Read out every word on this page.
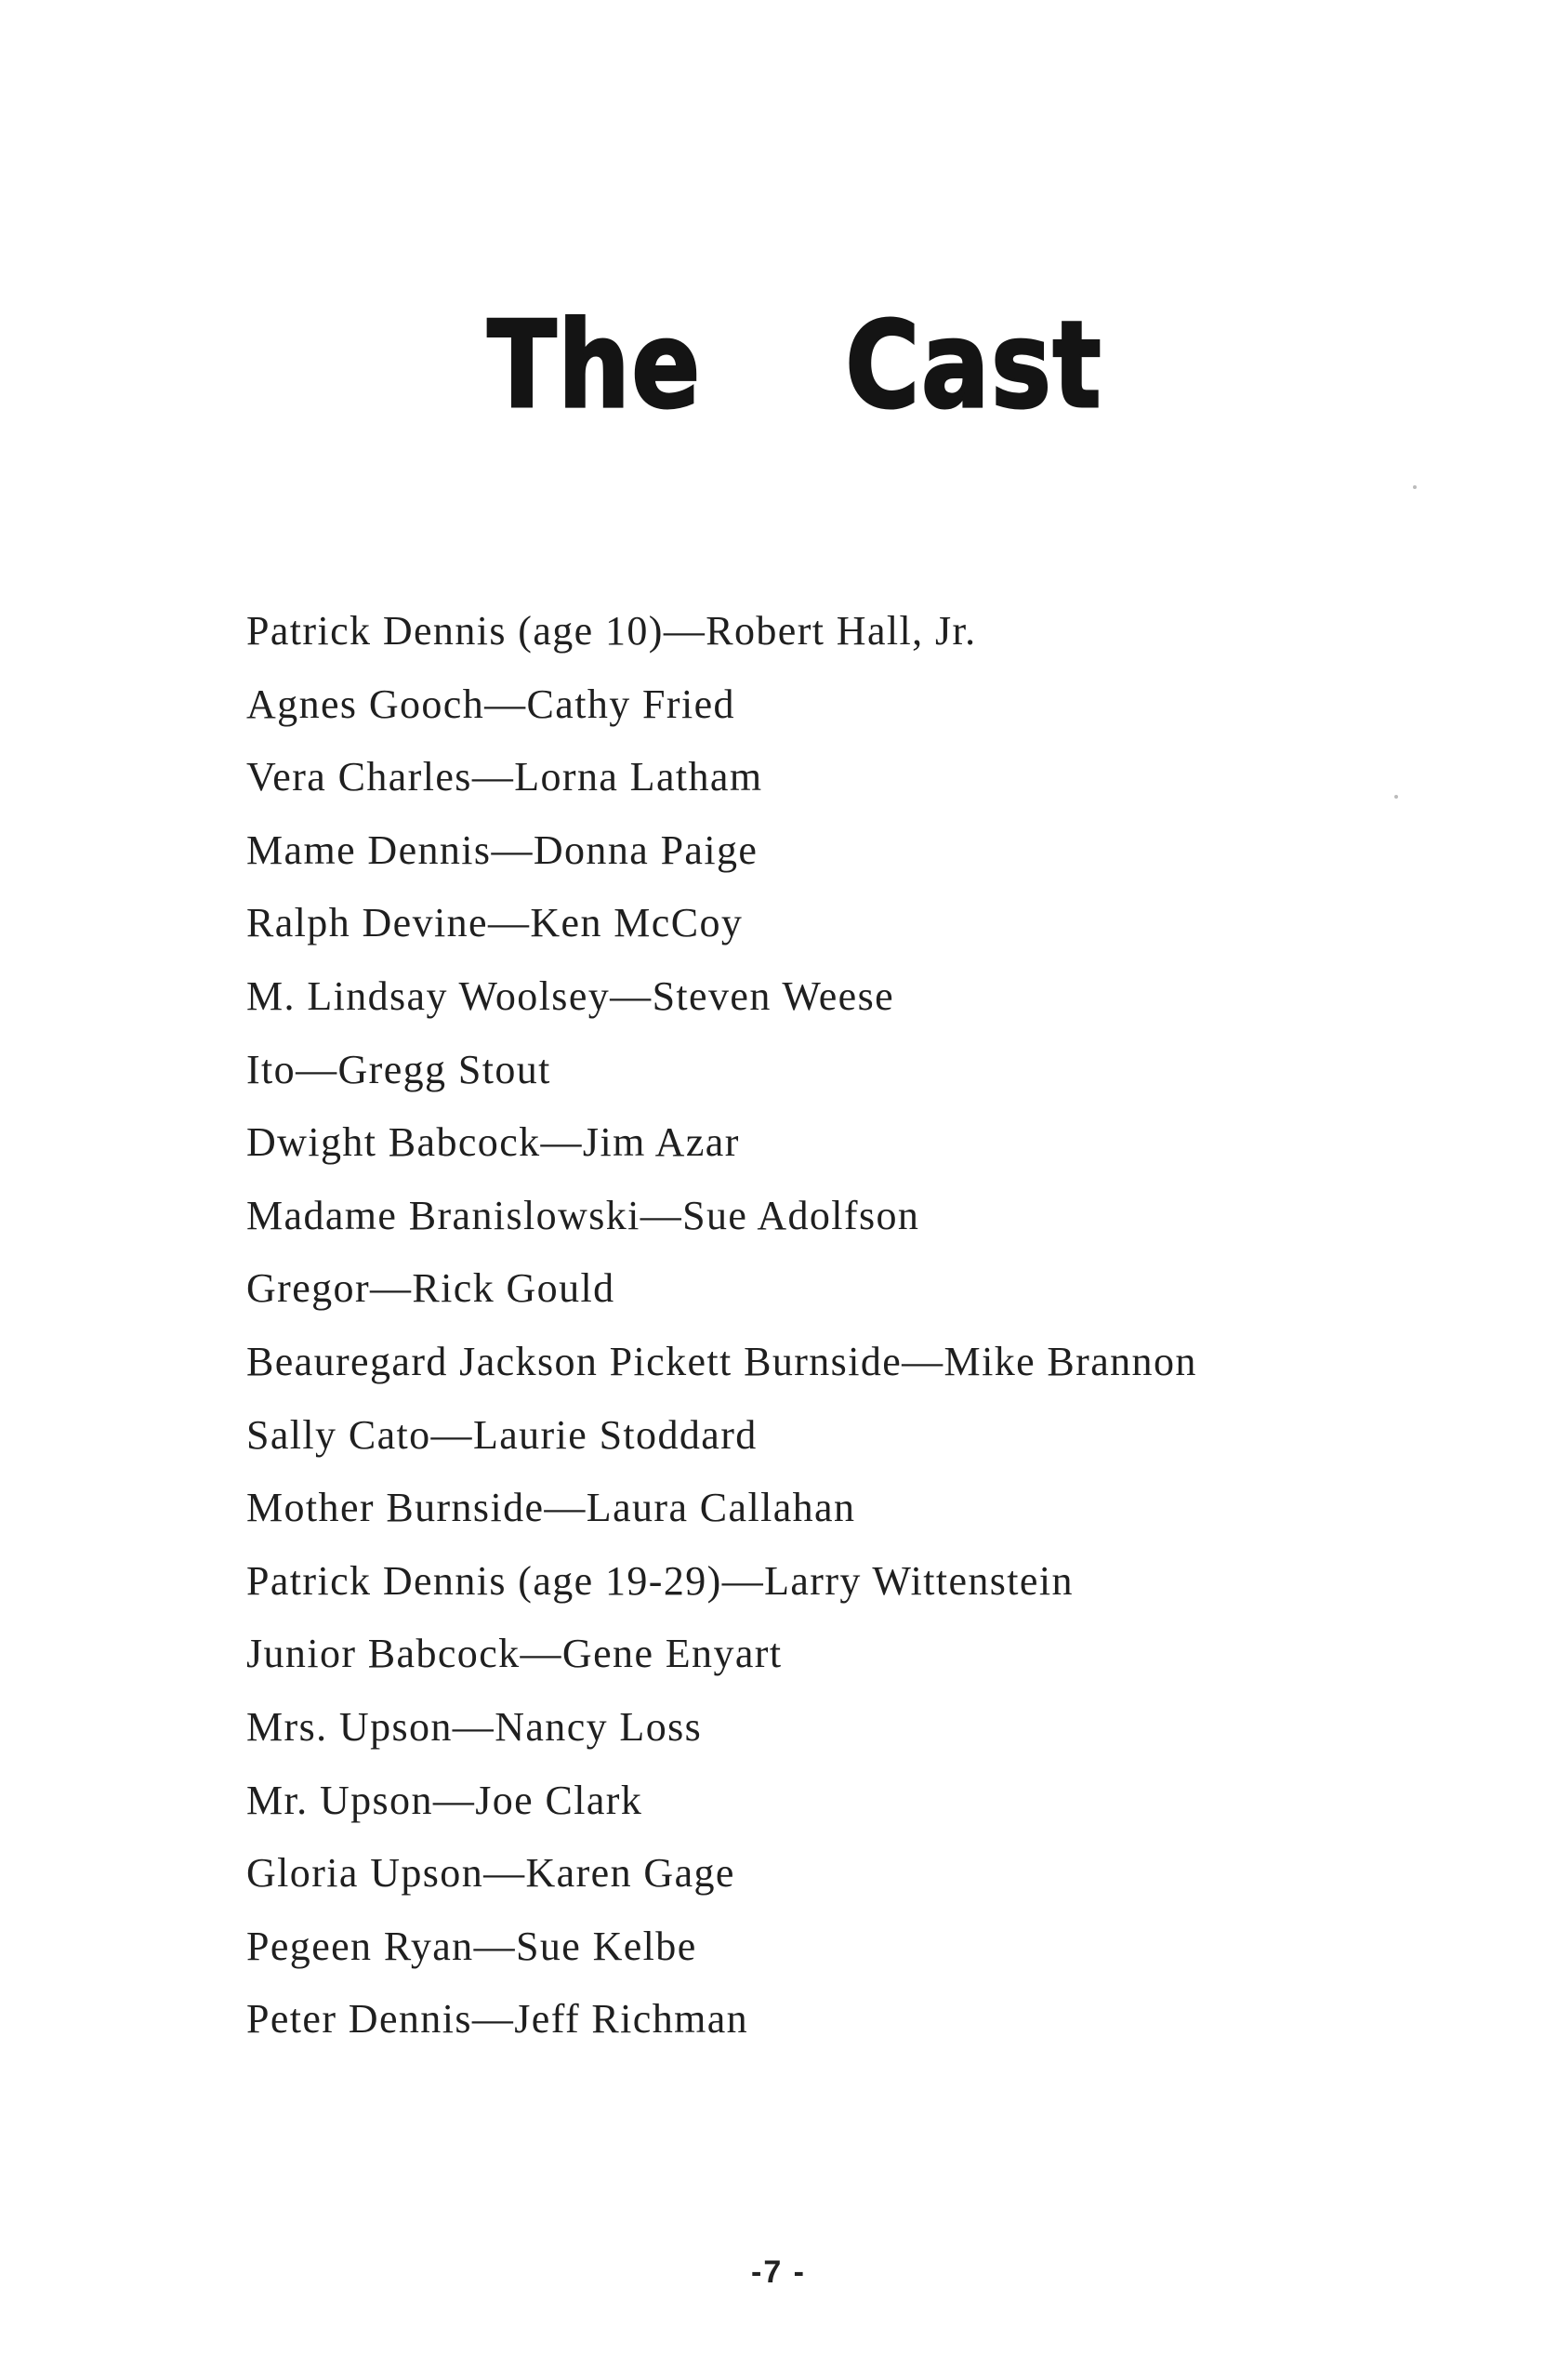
The Cast
Patrick Dennis (age 10)—Robert Hall, Jr.
Agnes Gooch—Cathy Fried
Vera Charles—Lorna Latham
Mame Dennis—Donna Paige
Ralph Devine—Ken McCoy
M. Lindsay Woolsey—Steven Weese
Ito—Gregg Stout
Dwight Babcock—Jim Azar
Madame Branislowski—Sue Adolfson
Gregor—Rick Gould
Beauregard Jackson Pickett Burnside—Mike Brannon
Sally Cato—Laurie Stoddard
Mother Burnside—Laura Callahan
Patrick Dennis (age 19-29)—Larry Wittenstein
Junior Babcock—Gene Enyart
Mrs. Upson—Nancy Loss
Mr. Upson—Joe Clark
Gloria Upson—Karen Gage
Pegeen Ryan—Sue Kelbe
Peter Dennis—Jeff Richman
-7 -
